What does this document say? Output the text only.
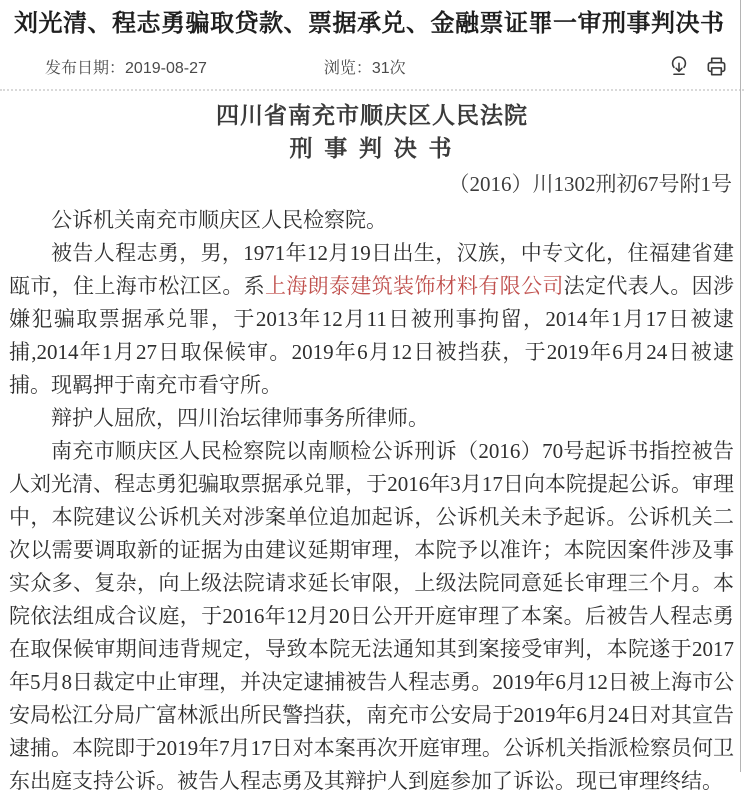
刘光清、程志勇骗取贷款、票据承兑、金融票证罪一审刑事判决书
发布日期：2019-08-27	浏览：31次
四川省南充市顺庆区人民法院
刑 事 判 决 书
（2016）川1302刑初67号附1号

公诉机关南充市顺庆区人民检察院。

被告人程志勇，男，1971年12月19日出生，汉族，中专文化，住福建省建瓯市，住上海市松江区。系上海朗泰建筑装饰材料有限公司法定代表人。因涉嫌犯骗取票据承兑罪，于2013年12月11日被刑事拘留，2014年1月17日被逮捕,2014年1月27日取保候审。2019年6月12日被挡获，于2019年6月24日被逮捕。现羁押于南充市看守所。

辩护人屈欣，四川治坛律师事务所律师。

南充市顺庆区人民检察院以南顺检公诉刑诉（2016）70号起诉书指控被告人刘光清、程志勇犯骗取票据承兑罪，于2016年3月17日向本院提起公诉。审理中，本院建议公诉机关对涉案单位追加起诉，公诉机关未予起诉。公诉机关二次以需要调取新的证据为由建议延期审理，本院予以准许；本院因案件涉及事实众多、复杂，向上级法院请求延长审限，上级法院同意延长审理三个月。本院依法组成合议庭，于2016年12月20日公开开庭审理了本案。后被告人程志勇在取保候审期间违背规定，导致本院无法通知其到案接受审判，本院遂于2017年5月8日裁定中止审理，并决定逮捕被告人程志勇。2019年6月12日被上海市公安局松江分局广富林派出所民警挡获，南充市公安局于2019年6月24日对其宣告逮捕。本院即于2019年7月17日对本案再次开庭审理。公诉机关指派检察员何卫东出庭支持公诉。被告人程志勇及其辩护人到庭参加了诉讼。现已审理终结。
